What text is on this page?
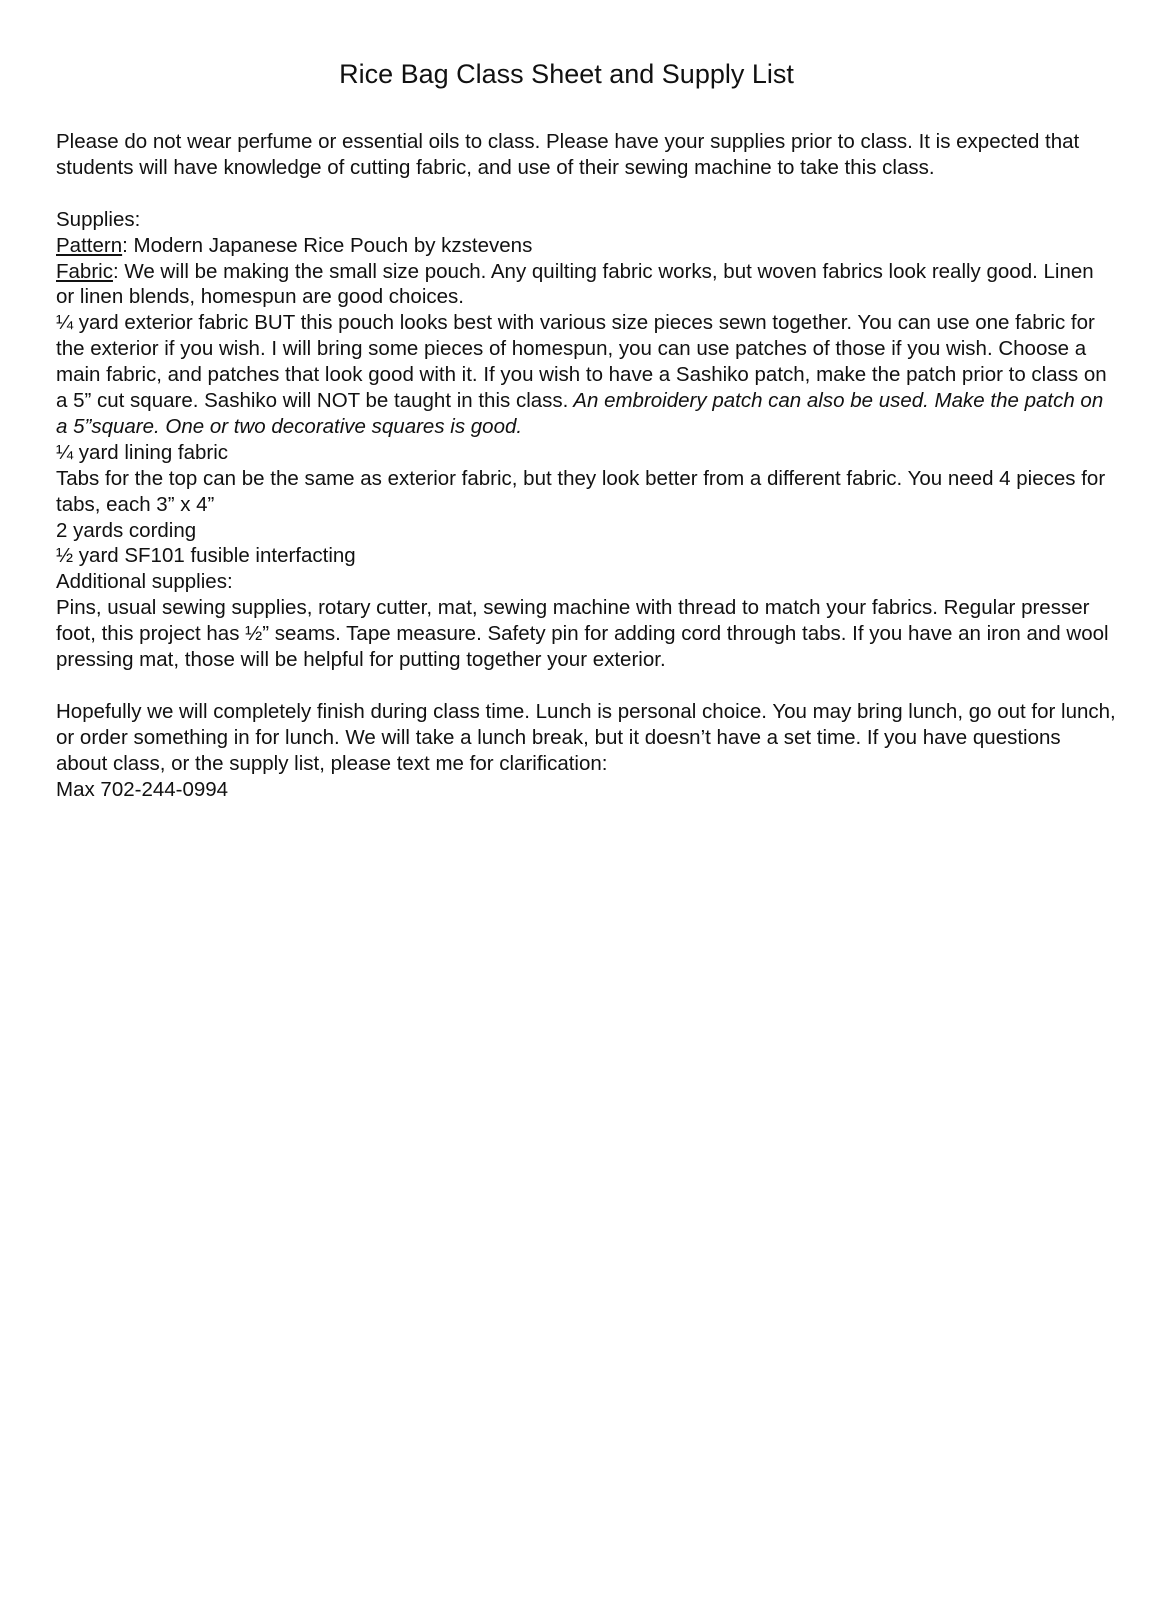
Rice Bag Class Sheet and Supply List

Please do not wear perfume or essential oils to class. Please have your supplies prior to class. It is expected that students will have knowledge of cutting fabric, and use of their sewing machine to take this class.

Supplies:

Pattern: Modern Japanese Rice Pouch by kzstevens

Fabric: We will be making the small size pouch. Any quilting fabric works, but woven fabrics look really good. Linen or linen blends, homespun are good choices.

¼ yard exterior fabric BUT this pouch looks best with various size pieces sewn together. You can use one fabric for the exterior if you wish. I will bring some pieces of homespun, you can use patches of those if you wish. Choose a main fabric, and patches that look good with it. If you wish to have a Sashiko patch, make the patch prior to class on a 5” cut square. Sashiko will NOT be taught in this class. An embroidery patch can also be used. Make the patch on a 5”square. One or two decorative squares is good.

¼ yard lining fabric

Tabs for the top can be the same as exterior fabric, but they look better from a different fabric. You need 4 pieces for tabs, each 3” x 4”

2 yards cording

½ yard SF101 fusible interfacting

Additional supplies:

Pins, usual sewing supplies, rotary cutter, mat, sewing machine with thread to match your fabrics. Regular presser foot, this project has ½” seams. Tape measure. Safety pin for adding cord through tabs. If you have an iron and wool pressing mat, those will be helpful for putting together your exterior.

Hopefully we will completely finish during class time. Lunch is personal choice. You may bring lunch, go out for lunch, or order something in for lunch. We will take a lunch break, but it doesn’t have a set time. If you have questions about class, or the supply list, please text me for clarification:

Max 702-244-0994
